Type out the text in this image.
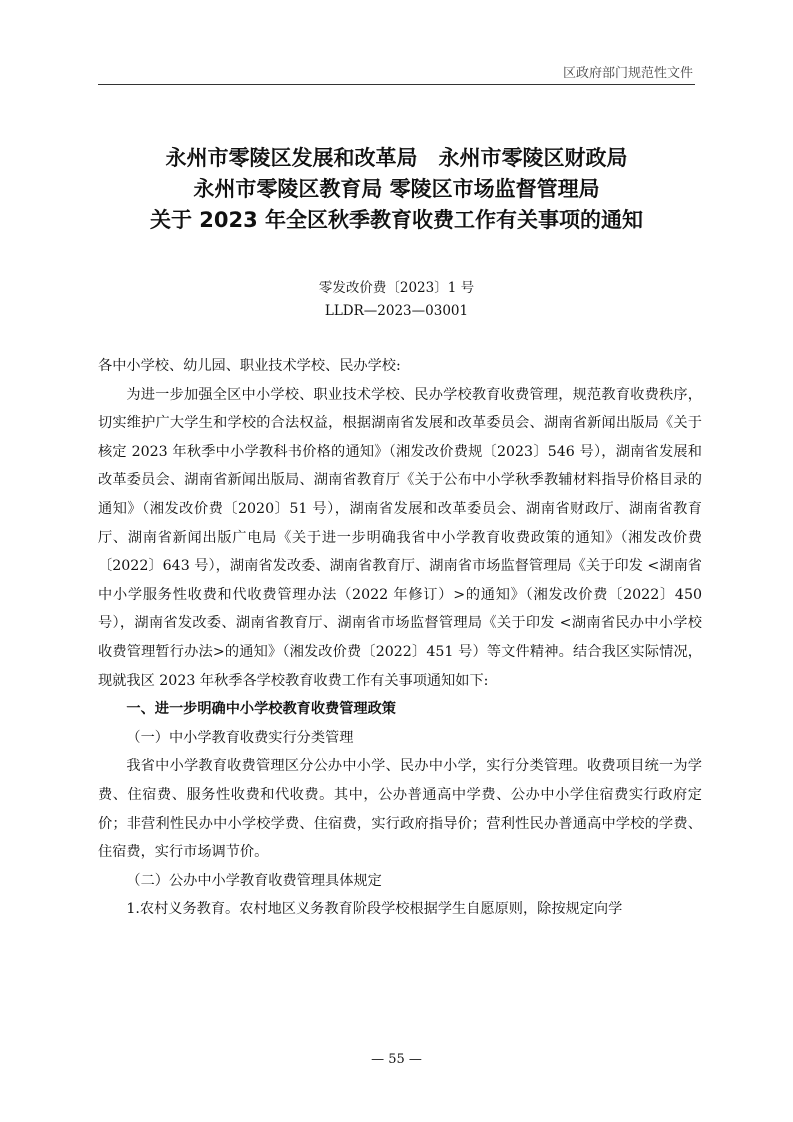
区政府部门规范性文件
永州市零陵区发展和改革局　永州市零陵区财政局
永州市零陵区教育局 零陵区市场监督管理局
关于 2023 年全区秋季教育收费工作有关事项的通知
零发改价费〔2023〕1 号
LLDR—2023—03001

各中小学校、幼儿园、职业技术学校、民办学校:

为进一步加强全区中小学校、职业技术学校、民办学校教育收费管理，规范教育收费秩序，切实维护广大学生和学校的合法权益，根据湖南省发展和改革委员会、湖南省新闻出版局《关于核定 2023 年秋季中小学教科书价格的通知》（湘发改价费规〔2023〕546 号），湖南省发展和改革委员会、湖南省新闻出版局、湖南省教育厅《关于公布中小学秋季教辅材料指导价格目录的通知》（湘发改价费〔2020〕51 号），湖南省发展和改革委员会、湖南省财政厅、湖南省教育厅、湖南省新闻出版广电局《关于进一步明确我省中小学教育收费政策的通知》（湘发改价费〔2022〕643 号），湖南省发改委、湖南省教育厅、湖南省市场监督管理局《关于印发 <湖南省中小学服务性收费和代收费管理办法（2022 年修订）>的通知》（湘发改价费〔2022〕450 号），湖南省发改委、湖南省教育厅、湖南省市场监督管理局《关于印发 <湖南省民办中小学校收费管理暂行办法>的通知》（湘发改价费〔2022〕451 号）等文件精神。结合我区实际情况，现就我区 2023 年秋季各学校教育收费工作有关事项通知如下:

一、进一步明确中小学校教育收费管理政策

（一）中小学教育收费实行分类管理

我省中小学教育收费管理区分公办中小学、民办中小学，实行分类管理。收费项目统一为学费、住宿费、服务性收费和代收费。其中，公办普通高中学费、公办中小学住宿费实行政府定价；非营利性民办中小学校学费、住宿费，实行政府指导价；营利性民办普通高中学校的学费、住宿费，实行市场调节价。

（二）公办中小学教育收费管理具体规定

1.农村义务教育。农村地区义务教育阶段学校根据学生自愿原则，除按规定向学

— 55 —
